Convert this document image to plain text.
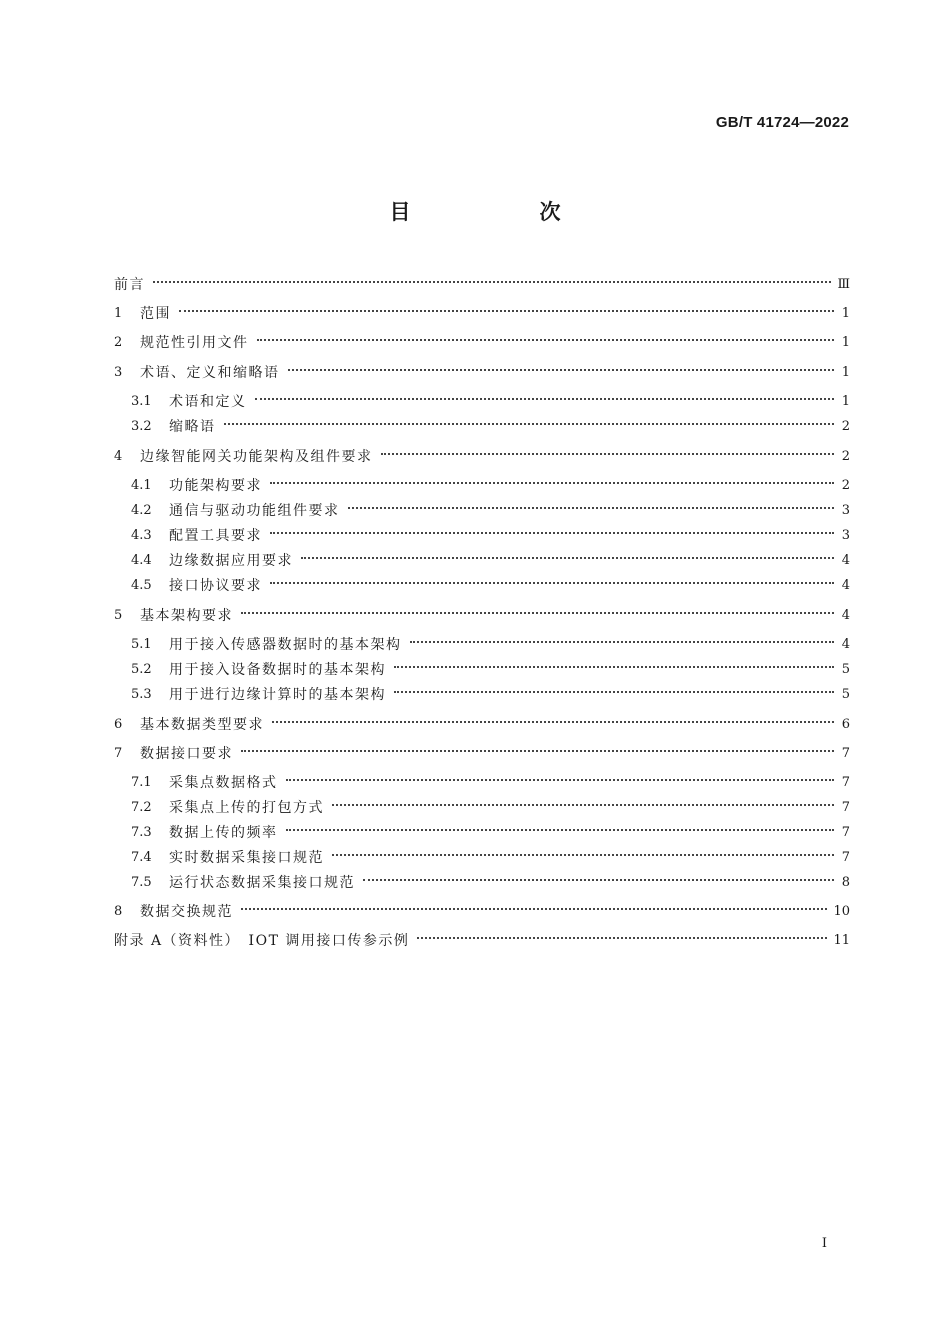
GB/T 41724—2022
目　次
前言	Ⅲ
1	范围	1
2	规范性引用文件	1
3	术语、定义和缩略语	1
3.1	术语和定义	1
3.2	缩略语	2
4	边缘智能网关功能架构及组件要求	2
4.1	功能架构要求	2
4.2	通信与驱动功能组件要求	3
4.3	配置工具要求	3
4.4	边缘数据应用要求	4
4.5	接口协议要求	4
5	基本架构要求	4
5.1	用于接入传感器数据时的基本架构	4
5.2	用于接入设备数据时的基本架构	5
5.3	用于进行边缘计算时的基本架构	5
6	基本数据类型要求	6
7	数据接口要求	7
7.1	采集点数据格式	7
7.2	采集点上传的打包方式	7
7.3	数据上传的频率	7
7.4	实时数据采集接口规范	7
7.5	运行状态数据采集接口规范	8
8	数据交换规范	10
附录 A（资料性）　IOT 调用接口传参示例	11
Ⅰ
